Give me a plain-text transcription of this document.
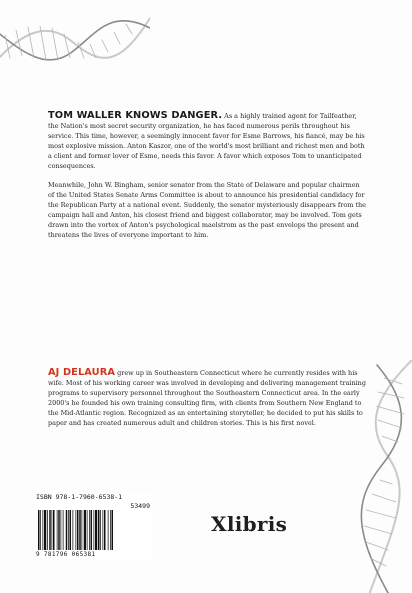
TOM WALLER KNOWS DANGER. As a highly trained agent for Tailfeather, the Nation's most secret security organization, he has faced numerous perils throughout his service. This time, however, a seemingly innocent favor for Esme Barrows, his fiancé, may be his most explosive mission. Anton Kaszor, one of the world's most brilliant and richest men and both a client and former lover of Esme, needs this favor. A favor which exposes Tom to unanticipated consequences.

Meanwhile, John W. Bingham, senior senator from the State of Delaware and popular chairmen of the United States Senate Arms Committee is about to announce his presidential candidacy for the Republican Party at a national event. Suddenly, the senator mysteriously disappears from the campaign hall and Anton, his closest friend and biggest collaborator, may be involved. Tom gets drawn into the vortex of Anton's psychological maelstrom as the past envelops the present and threatens the lives of everyone important to him.

AJ DELAURA grew up in Southeastern Connecticut where he currently resides with his wife. Most of his working career was involved in developing and delivering management training programs to supervisory personnel throughout the Southeastern Connecticut area. In the early 2000's he founded his own training consulting firm, with clients from Southern New England to the Mid-Atlantic region. Recognized as an entertaining storyteller, he decided to put his skills to paper and has created numerous adult and children stories. This is his first novel.

ISBN 978-1-7960-6538-1
53499
9 781796 065381
Xlibris
